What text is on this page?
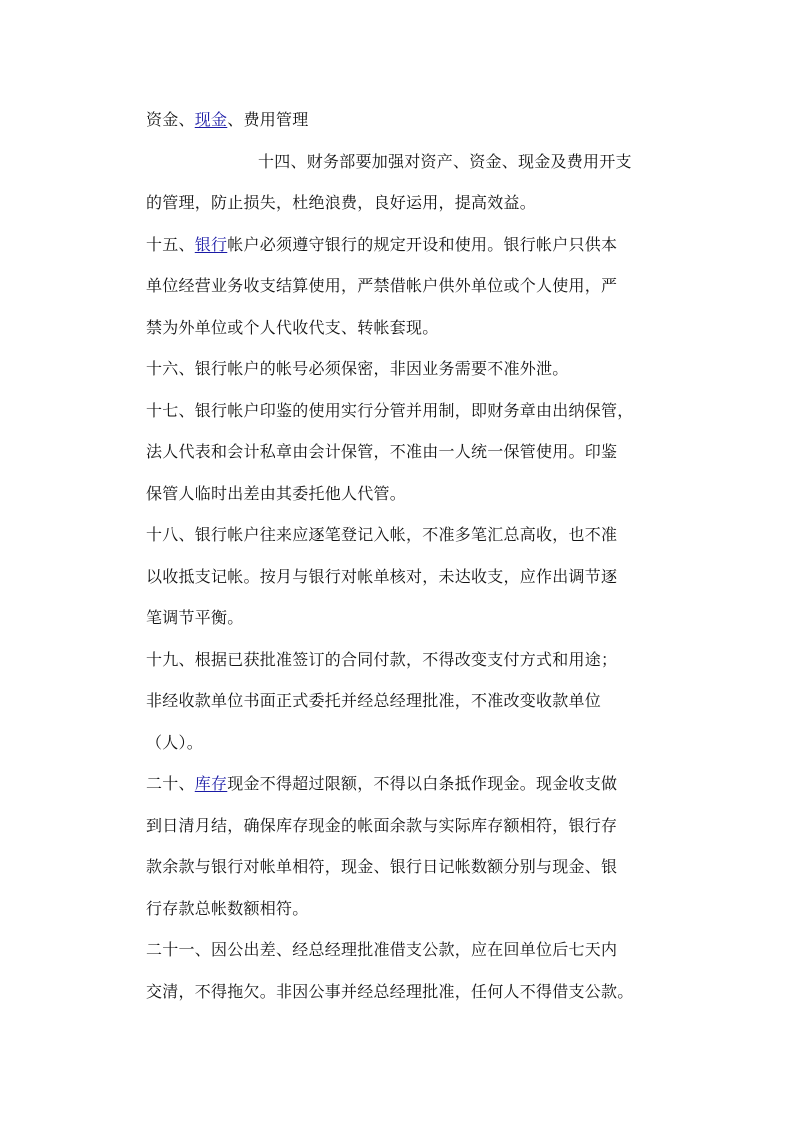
资金、现金、费用管理
十四、财务部要加强对资产、资金、现金及费用开支
的管理，防止损失，杜绝浪费，良好运用，提高效益。
十五、银行帐户必须遵守银行的规定开设和使用。银行帐户只供本
单位经营业务收支结算使用，严禁借帐户供外单位或个人使用，严
禁为外单位或个人代收代支、转帐套现。
十六、银行帐户的帐号必须保密，非因业务需要不准外泄。
十七、银行帐户印鉴的使用实行分管并用制，即财务章由出纳保管，
法人代表和会计私章由会计保管，不准由一人统一保管使用。印鉴
保管人临时出差由其委托他人代管。
十八、银行帐户往来应逐笔登记入帐，不准多笔汇总高收，也不准
以收抵支记帐。按月与银行对帐单核对，未达收支，应作出调节逐
笔调节平衡。
十九、根据已获批准签订的合同付款，不得改变支付方式和用途；
非经收款单位书面正式委托并经总经理批准，不准改变收款单位
（人）。
二十、库存现金不得超过限额，不得以白条抵作现金。现金收支做
到日清月结，确保库存现金的帐面余款与实际库存额相符，银行存
款余款与银行对帐单相符，现金、银行日记帐数额分别与现金、银
行存款总帐数额相符。
二十一、因公出差、经总经理批准借支公款，应在回单位后七天内
交清，不得拖欠。非因公事并经总经理批准，任何人不得借支公款。
